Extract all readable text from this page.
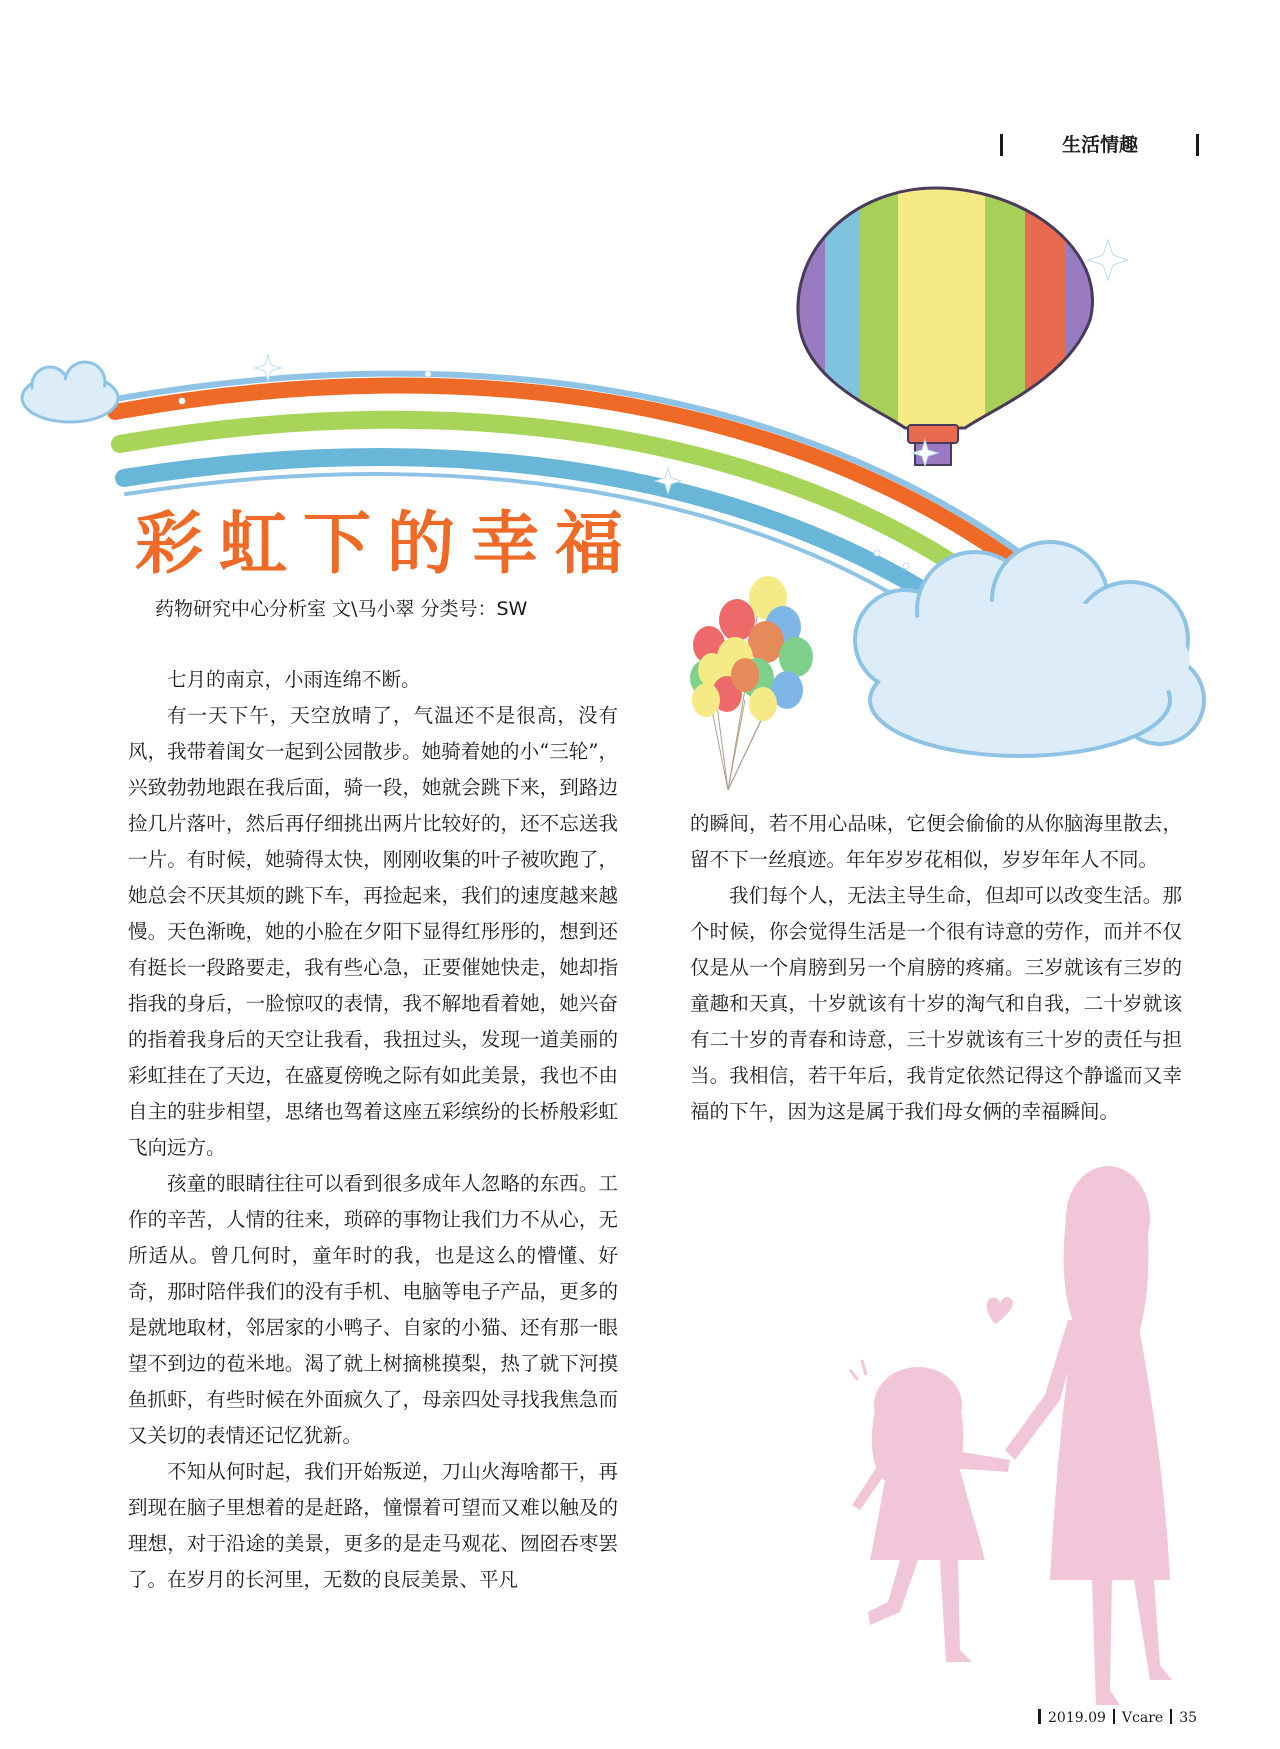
生活情趣
彩虹下的幸福
药物研究中心分析室 文\马小翠 分类号：SW

七月的南京，小雨连绵不断。

有一天下午，天空放晴了，气温还不是很高，没有风，我带着闺女一起到公园散步。她骑着她的小“三轮”，兴致勃勃地跟在我后面，骑一段，她就会跳下来，到路边捡几片落叶，然后再仔细挑出两片比较好的，还不忘送我一片。有时候，她骑得太快，刚刚收集的叶子被吹跑了，她总会不厌其烦的跳下车，再捡起来，我们的速度越来越慢。天色渐晚，她的小脸在夕阳下显得红彤彤的，想到还有挺长一段路要走，我有些心急，正要催她快走，她却指指我的身后，一脸惊叹的表情，我不解地看着她，她兴奋的指着我身后的天空让我看，我扭过头，发现一道美丽的彩虹挂在了天边，在盛夏傍晚之际有如此美景，我也不由自主的驻步相望，思绪也驾着这座五彩缤纷的长桥般彩虹飞向远方。

孩童的眼睛往往可以看到很多成年人忽略的东西。工作的辛苦，人情的往来，琐碎的事物让我们力不从心，无所适从。曾几何时，童年时的我，也是这么的懵懂、好奇，那时陪伴我们的没有手机、电脑等电子产品，更多的是就地取材，邻居家的小鸭子、自家的小猫、还有那一眼望不到边的苞米地。渴了就上树摘桃摸梨，热了就下河摸鱼抓虾，有些时候在外面疯久了，母亲四处寻找我焦急而又关切的表情还记忆犹新。

不知从何时起，我们开始叛逆，刀山火海啥都干，再到现在脑子里想着的是赶路，憧憬着可望而又难以触及的理想，对于沿途的美景，更多的是走马观花、囫囵吞枣罢了。在岁月的长河里，无数的良辰美景、平凡

的瞬间，若不用心品味，它便会偷偷的从你脑海里散去，留不下一丝痕迹。年年岁岁花相似，岁岁年年人不同。

我们每个人，无法主导生命，但却可以改变生活。那个时候，你会觉得生活是一个很有诗意的劳作，而并不仅仅是从一个肩膀到另一个肩膀的疼痛。三岁就该有三岁的童趣和天真，十岁就该有十岁的淘气和自我，二十岁就该有二十岁的青春和诗意，三十岁就该有三十岁的责任与担当。我相信，若干年后，我肯定依然记得这个静谧而又幸福的下午，因为这是属于我们母女俩的幸福瞬间。

2019.09 Vcare 35
